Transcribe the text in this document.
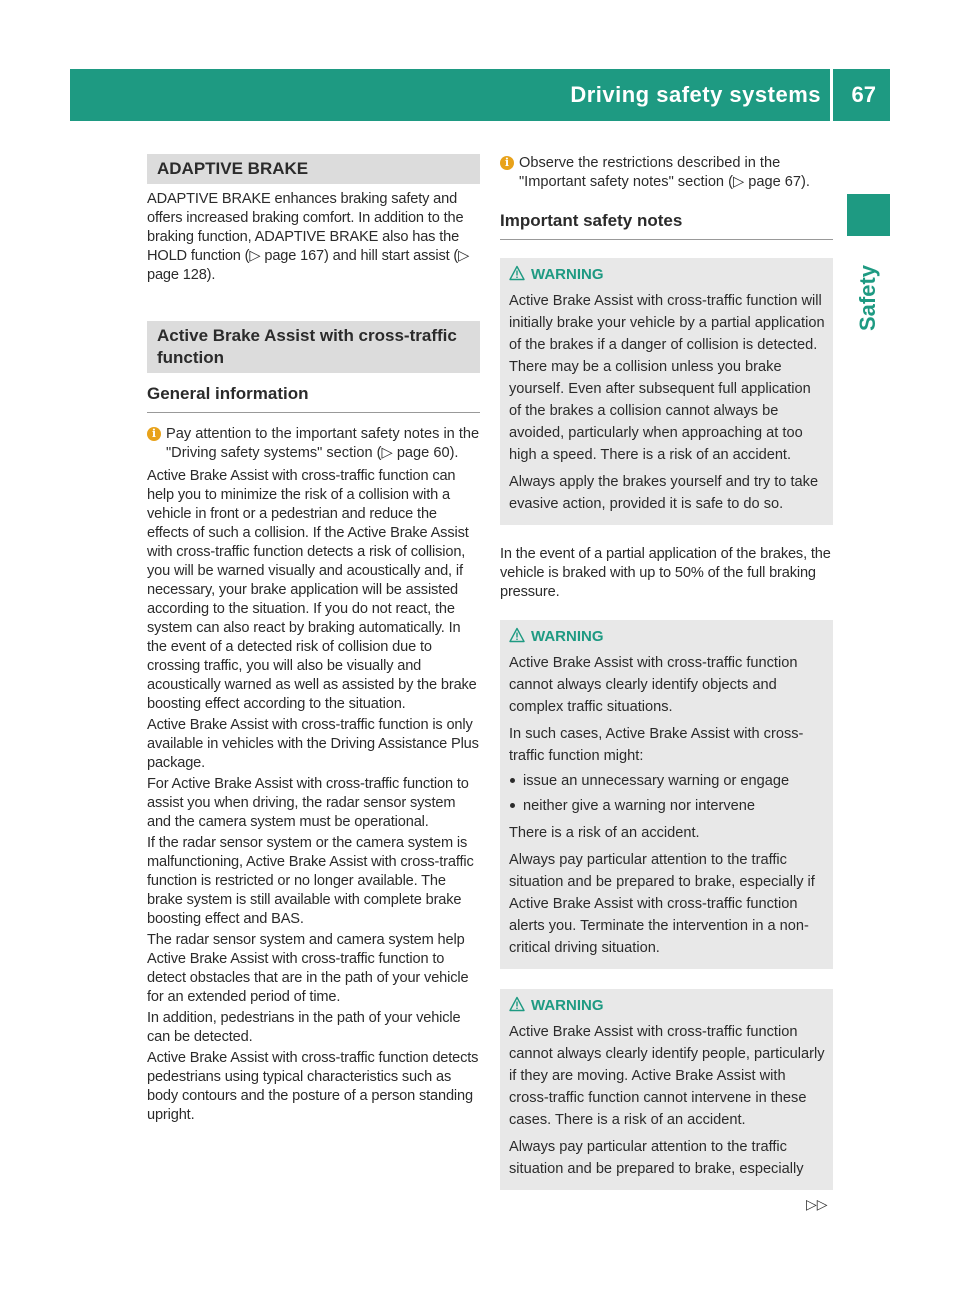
Driving safety systems 67
Safety
ADAPTIVE BRAKE

ADAPTIVE BRAKE enhances braking safety and offers increased braking comfort. In addition to the braking function, ADAPTIVE BRAKE also has the HOLD function (▷ page 167) and hill start assist (▷ page 128).

Active Brake Assist with cross-traffic function
General information
i Pay attention to the important safety notes in the "Driving safety systems" section (▷ page 60).

Active Brake Assist with cross-traffic function can help you to minimize the risk of a collision with a vehicle in front or a pedestrian and reduce the effects of such a collision. If the Active Brake Assist with cross-traffic function detects a risk of collision, you will be warned visually and acoustically and, if necessary, your brake application will be assisted according to the situation. If you do not react, the system can also react by braking automatically. In the event of a detected risk of collision due to crossing traffic, you will also be visually and acoustically warned as well as assisted by the brake boosting effect according to the situation.

Active Brake Assist with cross-traffic function is only available in vehicles with the Driving Assistance Plus package.

For Active Brake Assist with cross-traffic function to assist you when driving, the radar sensor system and the camera system must be operational.

If the radar sensor system or the camera system is malfunctioning, Active Brake Assist with cross-traffic function is restricted or no longer available. The brake system is still available with complete brake boosting effect and BAS.

The radar sensor system and camera system help Active Brake Assist with cross-traffic function to detect obstacles that are in the path of your vehicle for an extended period of time.

In addition, pedestrians in the path of your vehicle can be detected.

Active Brake Assist with cross-traffic function detects pedestrians using typical characteristics such as body contours and the posture of a person standing upright.

i Observe the restrictions described in the "Important safety notes" section (▷ page 67).
Important safety notes
WARNING

Active Brake Assist with cross-traffic function will initially brake your vehicle by a partial application of the brakes if a danger of collision is detected. There may be a collision unless you brake yourself. Even after subsequent full application of the brakes a collision cannot always be avoided, particularly when approaching at too high a speed. There is a risk of an accident.

Always apply the brakes yourself and try to take evasive action, provided it is safe to do so.

In the event of a partial application of the brakes, the vehicle is braked with up to 50% of the full braking pressure.

WARNING

Active Brake Assist with cross-traffic function cannot always clearly identify objects and complex traffic situations.

In such cases, Active Brake Assist with cross-traffic function might:

issue an unnecessary warning or engage
neither give a warning nor intervene

There is a risk of an accident.

Always pay particular attention to the traffic situation and be prepared to brake, especially if Active Brake Assist with cross-traffic function alerts you. Terminate the intervention in a non-critical driving situation.

WARNING

Active Brake Assist with cross-traffic function cannot always clearly identify people, particularly if they are moving. Active Brake Assist with cross-traffic function cannot intervene in these cases. There is a risk of an accident.

Always pay particular attention to the traffic situation and be prepared to brake, especially

▷▷
